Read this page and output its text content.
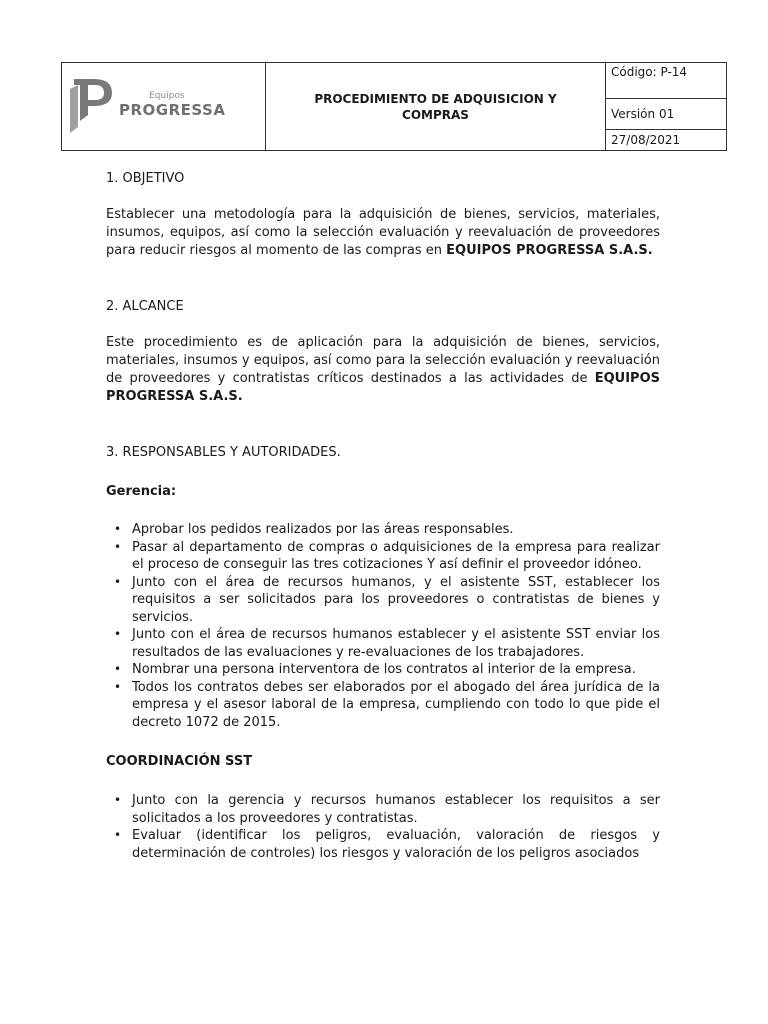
Equipos
PROGRESSA
PROCEDIMIENTO DE ADQUISICION Y COMPRAS
Código: P-14
Versión 01
27/08/2021

1. OBJETIVO

Establecer una metodología para la adquisición de bienes, servicios, materiales, insumos, equipos, así como la selección evaluación y reevaluación de proveedores para reducir riesgos al momento de las compras en EQUIPOS PROGRESSA S.A.S.

2. ALCANCE

Este procedimiento es de aplicación para la adquisición de bienes, servicios, materiales, insumos y equipos, así como para la selección evaluación y reevaluación de proveedores y contratistas críticos destinados a las actividades de EQUIPOS PROGRESSA S.A.S.

3. RESPONSABLES Y AUTORIDADES.

Gerencia:

• Aprobar los pedidos realizados por las áreas responsables.
• Pasar al departamento de compras o adquisiciones de la empresa para realizar el proceso de conseguir las tres cotizaciones Y así definir el proveedor idóneo.
• Junto con el área de recursos humanos, y el asistente SST, establecer los requisitos a ser solicitados para los proveedores o contratistas de bienes y servicios.
• Junto con el área de recursos humanos establecer y el asistente SST enviar los resultados de las evaluaciones y re-evaluaciones de los trabajadores.
• Nombrar una persona interventora de los contratos al interior de la empresa.
• Todos los contratos debes ser elaborados por el abogado del área jurídica de la empresa y el asesor laboral de la empresa, cumpliendo con todo lo que pide el decreto 1072 de 2015.

COORDINACIÓN SST

• Junto con la gerencia y recursos humanos establecer los requisitos a ser solicitados a los proveedores y contratistas.
• Evaluar (identificar los peligros, evaluación, valoración de riesgos y determinación de controles) los riesgos y valoración de los peligros asociados
